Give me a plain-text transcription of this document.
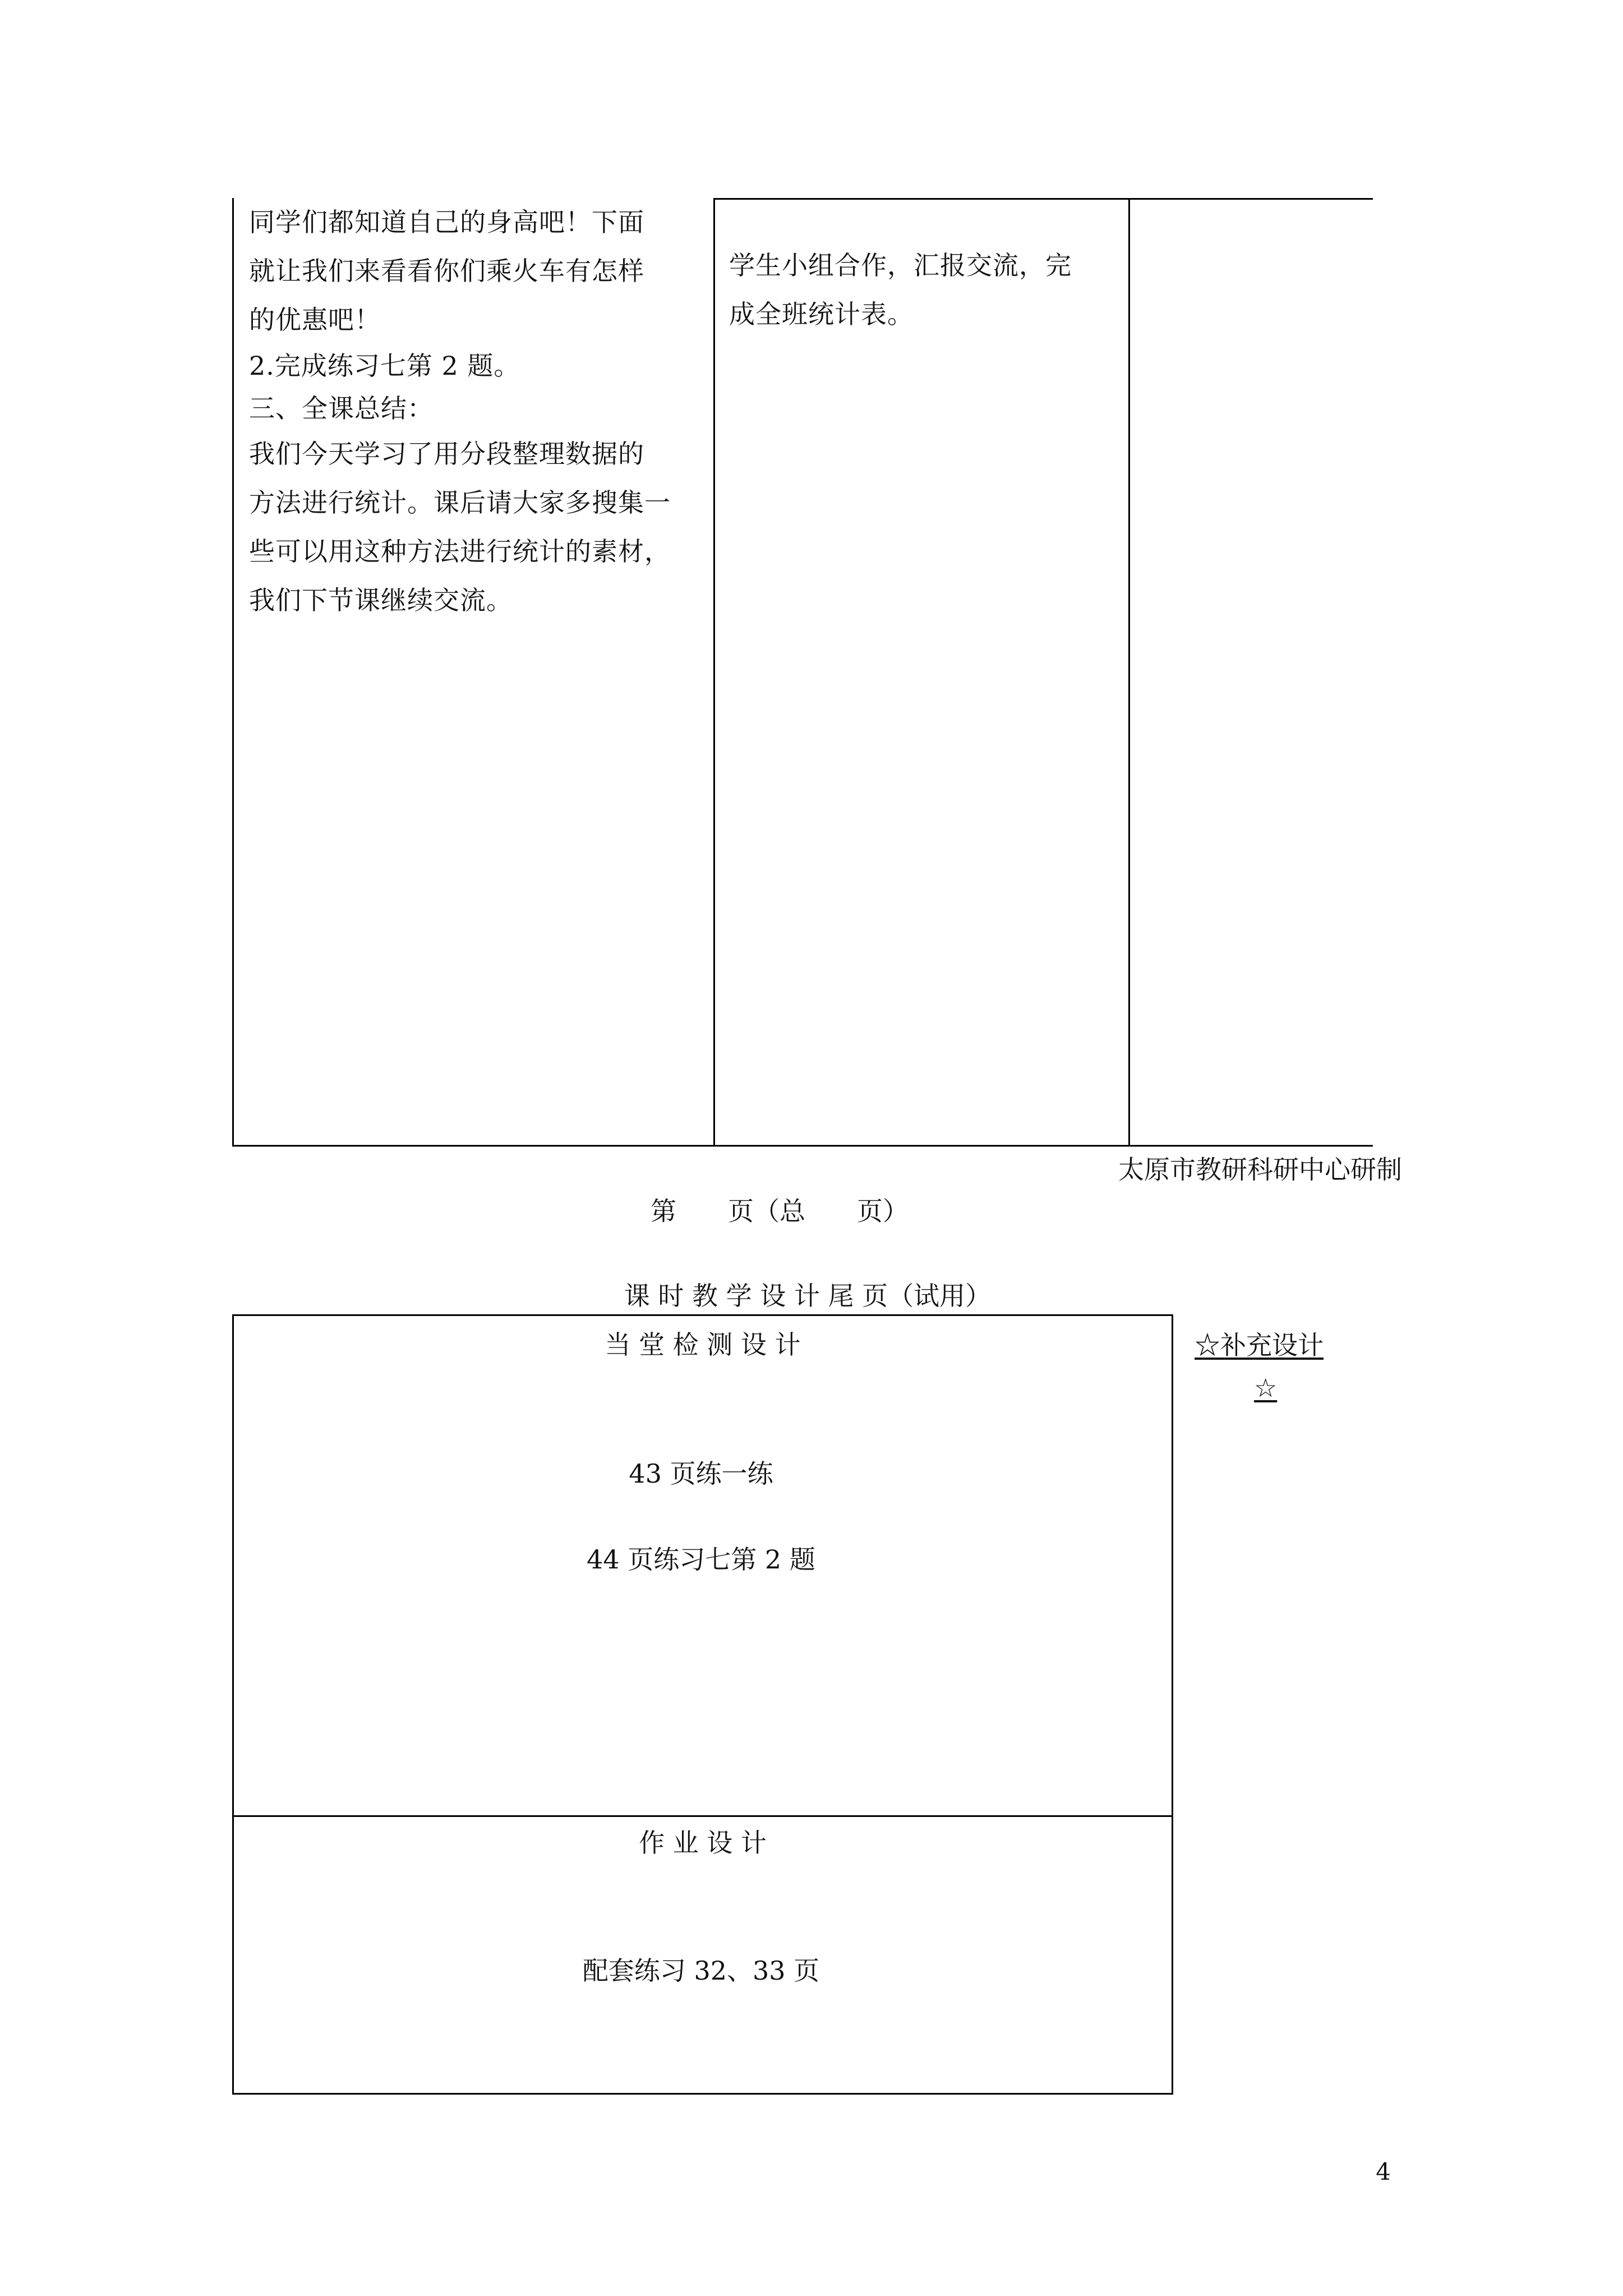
同学们都知道自己的身高吧！下面
就让我们来看看你们乘火车有怎样
的优惠吧！
2.完成练习七第 2 题。
三、全课总结：
我们今天学习了用分段整理数据的
方法进行统计。课后请大家多搜集一
些可以用这种方法进行统计的素材，
我们下节课继续交流。
学生小组合作，汇报交流，完
成全班统计表。
太原市教研科研中心研制
第　　页（总　　页）
课 时 教 学 设 计 尾 页（试用）
当 堂 检 测 设 计
43 页练一练
44 页练习七第 2 题
作 业 设 计
配套练习 32、33 页
☆补充设计
☆
4
